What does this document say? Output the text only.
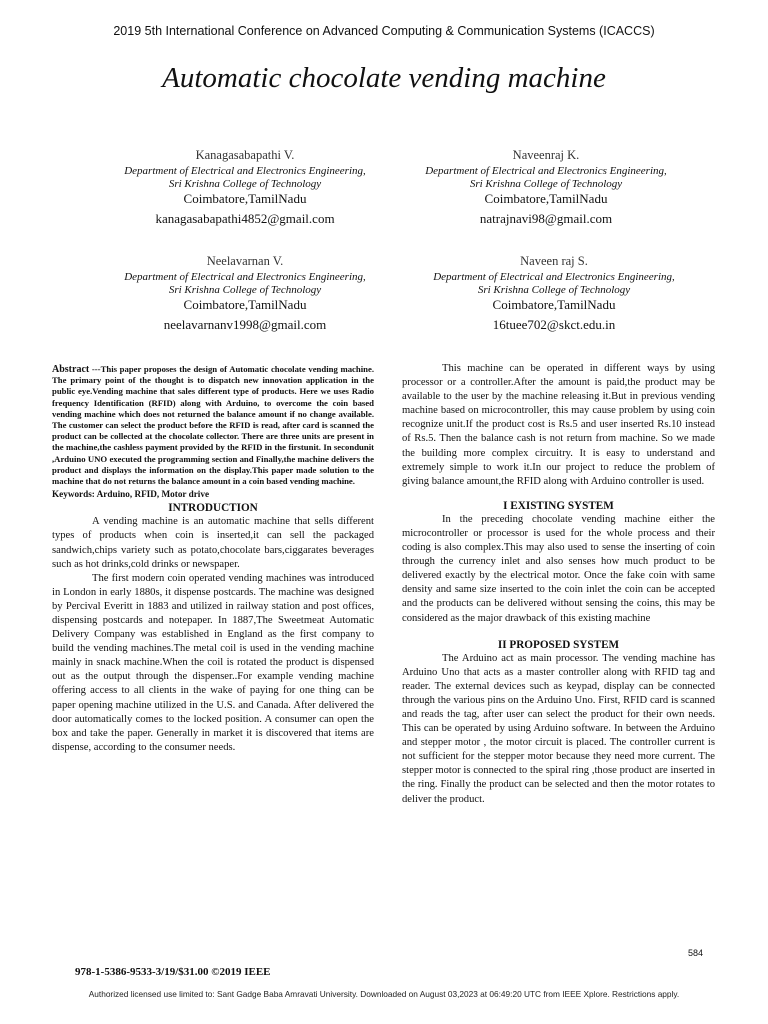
2019 5th International Conference on Advanced Computing & Communication Systems (ICACCS)
Automatic chocolate vending machine
Kanagasabapathi V.
Department of Electrical and Electronics Engineering,
Sri Krishna College of Technology
Coimbatore,TamilNadu
kanagasabapathi4852@gmail.com
Naveenraj K.
Department of Electrical and Electronics Engineering,
Sri Krishna College of Technology
Coimbatore,TamilNadu
natrajnavi98@gmail.com
Neelavarnan V.
Department of Electrical and Electronics Engineering,
Sri Krishna College of Technology
Coimbatore,TamilNadu
neelavarnanv1998@gmail.com
Naveen raj S.
Department of Electrical and Electronics Engineering,
Sri Krishna College of Technology
Coimbatore,TamilNadu
16tuee702@skct.edu.in

Abstract ---This paper proposes the design of Automatic chocolate vending machine. The primary point of the thought is to dispatch new innovation application in the public eye.Vending machine that sales different type of products. Here we uses Radio frequency Identification (RFID) along with Arduino, to overcome the coin based vending machine which does not returned the balance amount if no change available. The customer can select the product before the RFID is read, after card is scanned the product can be collected at the chocolate collector. There are three units are present in the machine,the cashless payment provided by the RFID in the firstunit. In secondunit ,Arduino UNO executed the programming section and Finally,the machine delivers the product and displays the information on the display.This paper made solution to the machine that do not returns the balance amount in a coin based vending machine.

Keywords: Arduino, RFID, Motor drive

INTRODUCTION

A vending machine is an automatic machine that sells different types of products when coin is inserted,it can sell the packaged sandwich,chips variety such as potato,chocolate bars,ciggarates beverages such as hot drinks,cold drinks or newspaper.

The first modern coin operated vending machines was introduced in London in early 1880s, it dispense postcards. The machine was designed by Percival Everitt in 1883 and utilized in railway station and post offices, dispensing postcards and notepaper. In 1887,The Sweetmeat Automatic Delivery Company was established in England as the first company to build the vending machines.The metal coil is used in the vending machine mainly in snack machine.When the coil is rotated the product is dispensed out as the output through the dispenser..For example vending machine offering access to all clients in the wake of paying for one thing can be paper opening machine utilized in the U.S. and Canada. After delivered the door automatically comes to the locked position. A consumer can open the box and take the paper. Generally in market it is discovered that items are dispense, according to the consumer needs.

This machine can be operated in different ways by using processor or a controller.After the amount is paid,the product may be available to the user by the machine releasing it.But in previous vending machine based on microcontroller, this may cause problem by using coin recognize unit.If the product cost is Rs.5 and user inserted Rs.10 instead of Rs.5. Then the balance cash is not return from machine. So we made the building more complex circuitry. It is easy to understand and extremely simple to work it.In our project to reduce the problem of giving balance amount,the RFID along with Arduino controller is used.

I EXISTING SYSTEM

In the preceding chocolate vending machine either the microcontroller or processor is used for the whole process and their coding is also complex.This may also used to sense the inserting of coin through the currency inlet and also senses how much product to be delivered exactly by the electrical motor. Once the fake coin with same density and same size inserted to the coin inlet the coin can be accepted and the products can be delivered without sensing the coins, this may be considered as the major drawback of this existing machine

II PROPOSED SYSTEM

The Arduino act as main processor. The vending machine has Arduino Uno that acts as a master controller along with RFID tag and reader. The external devices such as keypad, display can be connected through the various pins on the Arduino Uno. First, RFID card is scanned and reads the tag, after user can select the product for their own needs. This can be operated by using Arduino software. In between the Arduino and stepper motor , the motor circuit is placed. The controller current is not sufficient for the stepper motor because they need more current. The stepper motor is connected to the spiral ring ,those product are inserted in the ring. Finally the product can be selected and then the motor rotates to deliver the product.

584
978-1-5386-9533-3/19/$31.00 ©2019 IEEE
Authorized licensed use limited to: Sant Gadge Baba Amravati University. Downloaded on August 03,2023 at 06:49:20 UTC from IEEE Xplore. Restrictions apply.
